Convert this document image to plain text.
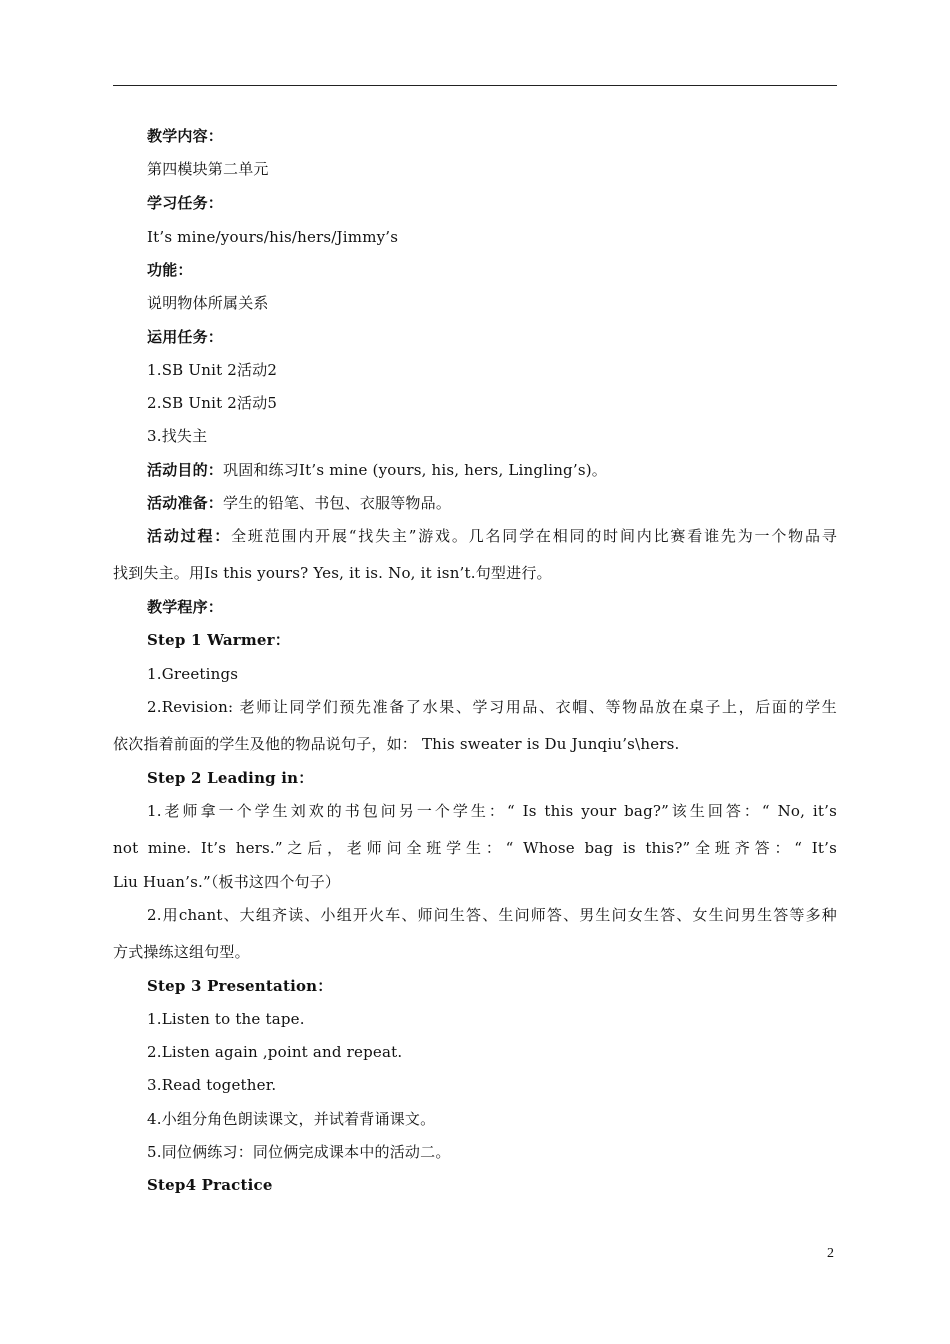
教学内容：
第四模块第二单元
学习任务：
It’s mine/yours/his/hers/Jimmy’s
功能：
说明物体所属关系
运用任务：
1.SB Unit 2活动2
2.SB Unit 2活动5
3.找失主
活动目的：巩固和练习It’s mine (yours, his, hers, Lingling’s)。
活动准备：学生的铅笔、书包、衣服等物品。
活动过程：全班范围内开展“找失主”游戏。几名同学在相同的时间内比赛看谁先为一个物品寻
找到失主。用Is this yours? Yes, it is. No, it isn’t.句型进行。
教学程序：
Step 1 Warmer：
1.Greetings
2.Revision: 老师让同学们预先准备了水果、学习用品、衣帽、等物品放在桌子上，后面的学生
依次指着前面的学生及他的物品说句子，如： This sweater is Du Junqiu’s\hers.
Step 2 Leading in：
1.老师拿一个学生刘欢的书包问另一个学生：“ Is this your bag?”该生回答：“ No, it’s
not mine. It’s hers.”之后，老师问全班学生：“ Whose bag is this?”全班齐答：“ It’s
Liu Huan’s.”（板书这四个句子）
2.用chant、大组齐读、小组开火车、师问生答、生问师答、男生问女生答、女生问男生答等多种
方式操练这组句型。
Step 3 Presentation：
1.Listen to the tape.
2.Listen again ,point and repeat.
3.Read together.
4.小组分角色朗读课文，并试着背诵课文。
5.同位俩练习：同位俩完成课本中的活动二。
Step4 Practice
2
